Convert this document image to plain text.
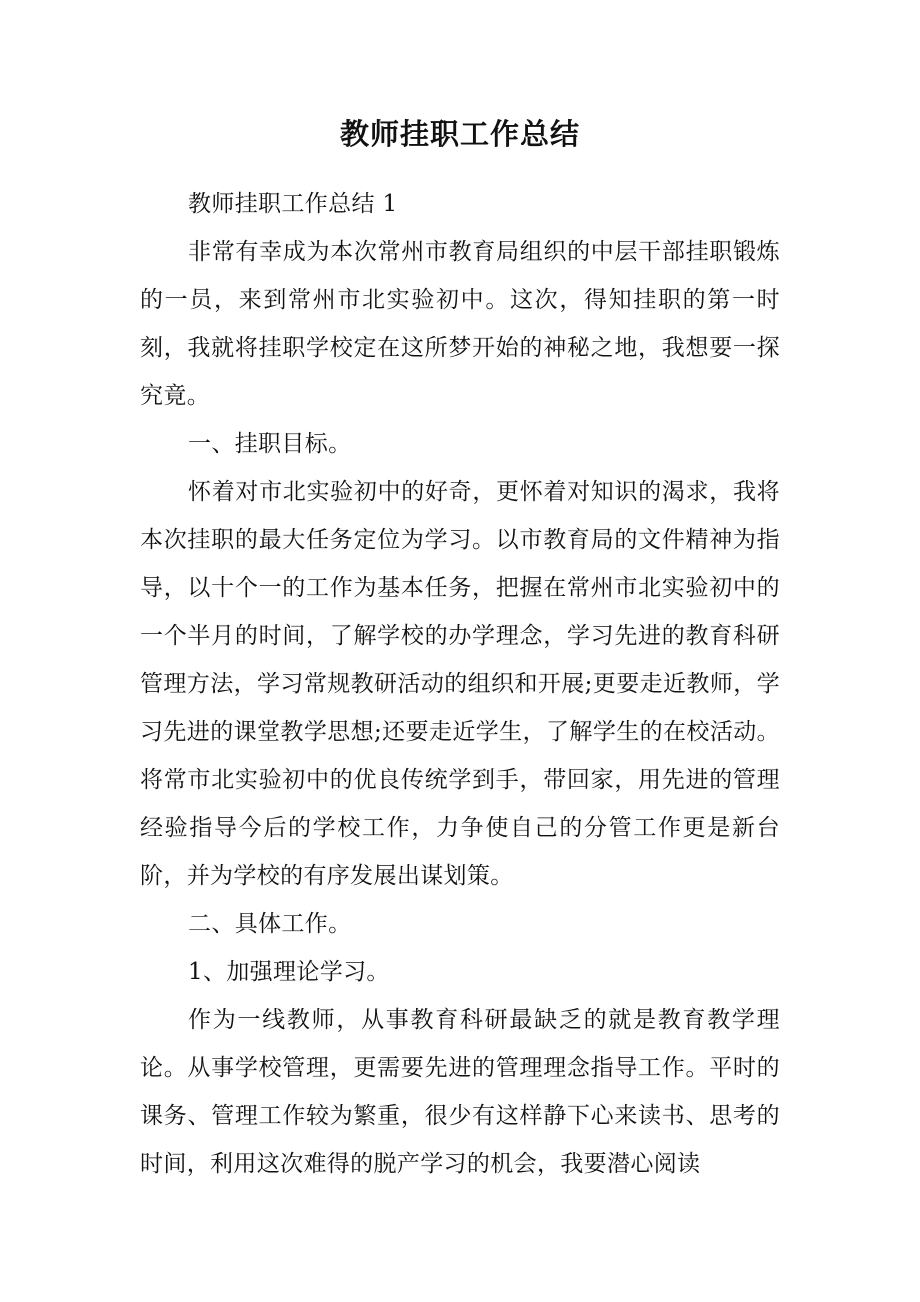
教师挂职工作总结

教师挂职工作总结 1

非常有幸成为本次常州市教育局组织的中层干部挂职锻炼的一员，来到常州市北实验初中。这次，得知挂职的第一时刻，我就将挂职学校定在这所梦开始的神秘之地，我想要一探究竟。

一、挂职目标。

怀着对市北实验初中的好奇，更怀着对知识的渴求，我将本次挂职的最大任务定位为学习。以市教育局的文件精神为指导，以十个一的工作为基本任务，把握在常州市北实验初中的一个半月的时间，了解学校的办学理念，学习先进的教育科研管理方法，学习常规教研活动的组织和开展;更要走近教师，学习先进的课堂教学思想;还要走近学生，了解学生的在校活动。将常市北实验初中的优良传统学到手，带回家，用先进的管理经验指导今后的学校工作，力争使自己的分管工作更是新台阶，并为学校的有序发展出谋划策。

二、具体工作。

1、加强理论学习。

作为一线教师，从事教育科研最缺乏的就是教育教学理论。从事学校管理，更需要先进的管理理念指导工作。平时的课务、管理工作较为繁重，很少有这样静下心来读书、思考的时间，利用这次难得的脱产学习的机会，我要潜心阅读
